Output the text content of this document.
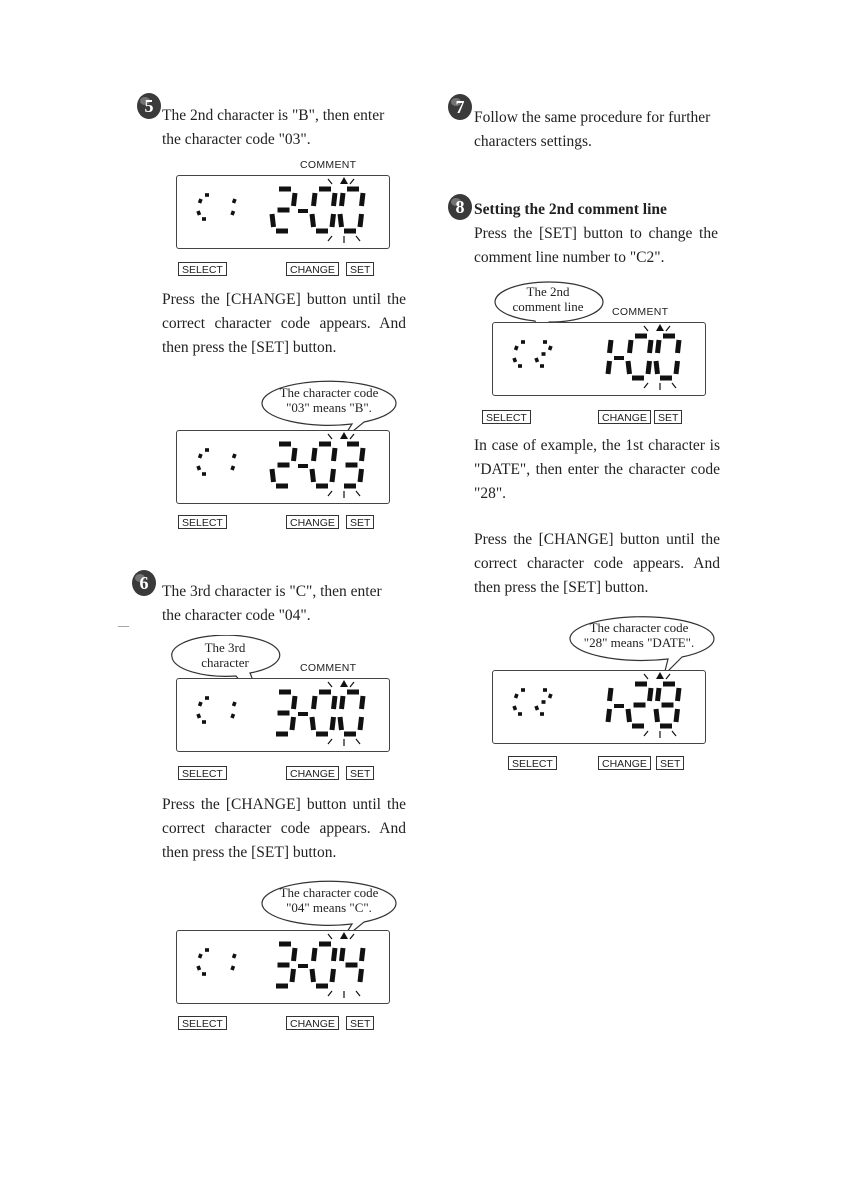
5 The 2nd character is "B", then enter

the character code "03".

COMMENT
SELECT	CHANGE	SET

Press the [CHANGE] button until the correct character code appears. And then press the [SET] button.

The character code
"03" means "B".
SELECT	CHANGE	SET
6 The 3rd character is "C", then enter

the character code "04".

―
The 3rd
character	COMMENT
SELECT	CHANGE	SET

Press the [CHANGE] button until the correct character code appears. And then press the [SET] button.

The character code
"04" means "C".
SELECT	CHANGE	SET
7

Follow the same procedure for further

characters settings.

8 Setting the 2nd comment line

Press the [SET] button to change the comment line number to "C2".

The 2nd
comment line	COMMENT
SELECT	CHANGE	SET

In case of example, the 1st character is "DATE", then enter the character code "28".

Press the [CHANGE] button until the correct character code appears. And then press the [SET] button.

The character code
"28" means "DATE".
SELECT	CHANGE	SET
